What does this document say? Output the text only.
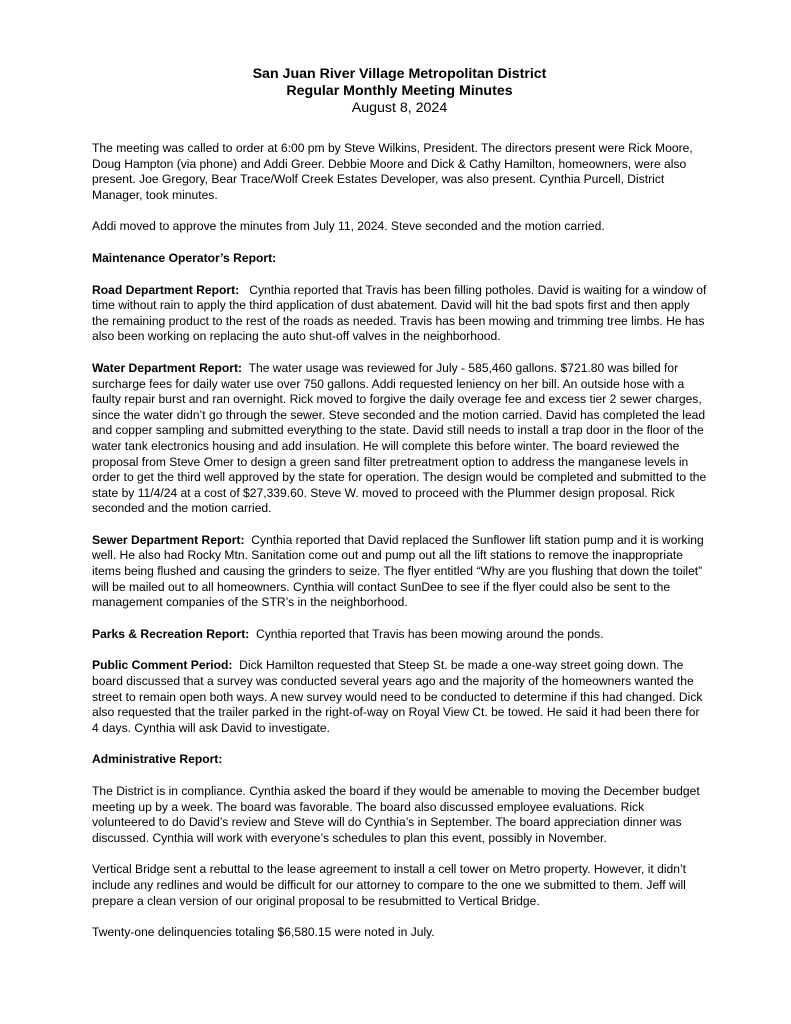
San Juan River Village Metropolitan District
Regular Monthly Meeting Minutes
August 8, 2024

The meeting was called to order at 6:00 pm by Steve Wilkins, President. The directors present were Rick Moore, Doug Hampton (via phone) and Addi Greer. Debbie Moore and Dick & Cathy Hamilton, homeowners, were also present. Joe Gregory, Bear Trace/Wolf Creek Estates Developer, was also present. Cynthia Purcell, District Manager, took minutes.

Addi moved to approve the minutes from July 11, 2024. Steve seconded and the motion carried.

Maintenance Operator’s Report:

Road Department Report: Cynthia reported that Travis has been filling potholes. David is waiting for a window of time without rain to apply the third application of dust abatement. David will hit the bad spots first and then apply the remaining product to the rest of the roads as needed. Travis has been mowing and trimming tree limbs. He has also been working on replacing the auto shut-off valves in the neighborhood.

Water Department Report: The water usage was reviewed for July - 585,460 gallons. $721.80 was billed for surcharge fees for daily water use over 750 gallons. Addi requested leniency on her bill. An outside hose with a faulty repair burst and ran overnight. Rick moved to forgive the daily overage fee and excess tier 2 sewer charges, since the water didn’t go through the sewer. Steve seconded and the motion carried. David has completed the lead and copper sampling and submitted everything to the state. David still needs to install a trap door in the floor of the water tank electronics housing and add insulation. He will complete this before winter. The board reviewed the proposal from Steve Omer to design a green sand filter pretreatment option to address the manganese levels in order to get the third well approved by the state for operation. The design would be completed and submitted to the state by 11/4/24 at a cost of $27,339.60. Steve W. moved to proceed with the Plummer design proposal. Rick seconded and the motion carried.

Sewer Department Report: Cynthia reported that David replaced the Sunflower lift station pump and it is working well. He also had Rocky Mtn. Sanitation come out and pump out all the lift stations to remove the inappropriate items being flushed and causing the grinders to seize. The flyer entitled “Why are you flushing that down the toilet” will be mailed out to all homeowners. Cynthia will contact SunDee to see if the flyer could also be sent to the management companies of the STR’s in the neighborhood.

Parks & Recreation Report: Cynthia reported that Travis has been mowing around the ponds.

Public Comment Period: Dick Hamilton requested that Steep St. be made a one-way street going down. The board discussed that a survey was conducted several years ago and the majority of the homeowners wanted the street to remain open both ways. A new survey would need to be conducted to determine if this had changed. Dick also requested that the trailer parked in the right-of-way on Royal View Ct. be towed. He said it had been there for 4 days. Cynthia will ask David to investigate.

Administrative Report:

The District is in compliance. Cynthia asked the board if they would be amenable to moving the December budget meeting up by a week. The board was favorable. The board also discussed employee evaluations. Rick volunteered to do David’s review and Steve will do Cynthia’s in September. The board appreciation dinner was discussed. Cynthia will work with everyone’s schedules to plan this event, possibly in November.

Vertical Bridge sent a rebuttal to the lease agreement to install a cell tower on Metro property. However, it didn’t include any redlines and would be difficult for our attorney to compare to the one we submitted to them. Jeff will prepare a clean version of our original proposal to be resubmitted to Vertical Bridge.

Twenty-one delinquencies totaling $6,580.15 were noted in July.
